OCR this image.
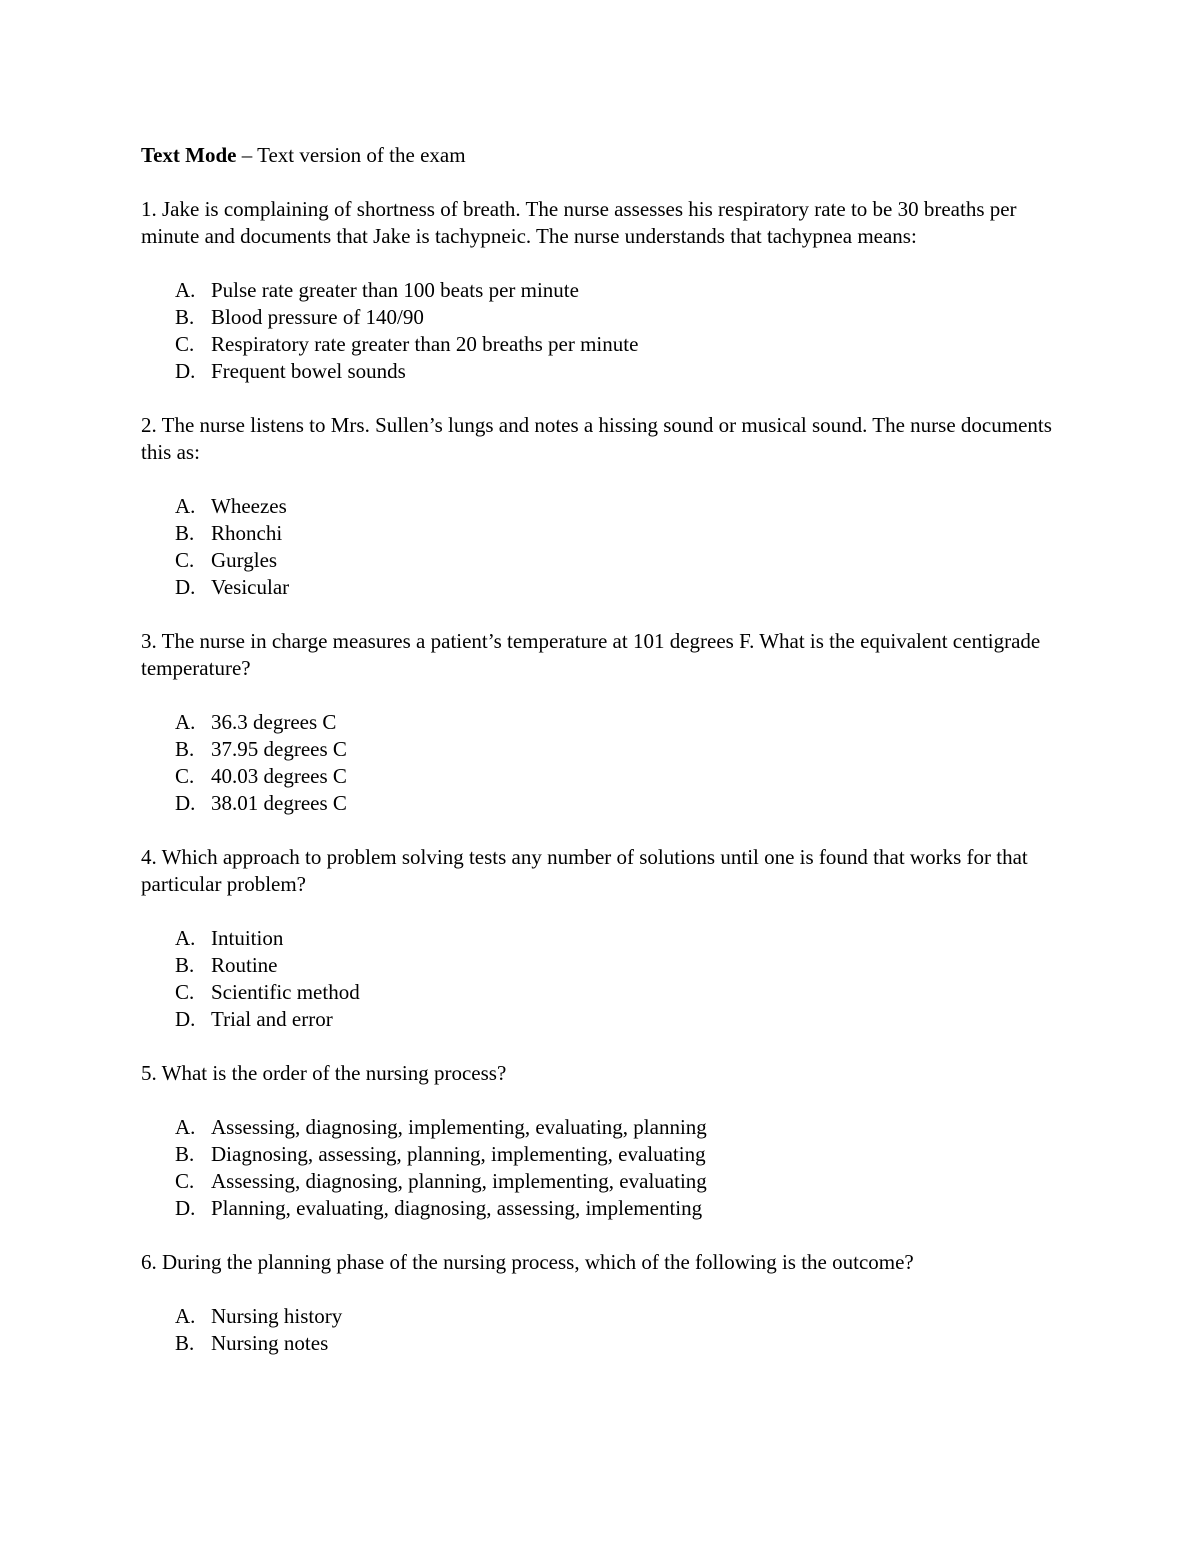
Text Mode – Text version of the exam

1. Jake is complaining of shortness of breath. The nurse assesses his respiratory rate to be 30 breaths per minute and documents that Jake is tachypneic. The nurse understands that tachypnea means:

A. Pulse rate greater than 100 beats per minute
B. Blood pressure of 140/90
C. Respiratory rate greater than 20 breaths per minute
D. Frequent bowel sounds

2. The nurse listens to Mrs. Sullen’s lungs and notes a hissing sound or musical sound. The nurse documents this as:

A. Wheezes
B. Rhonchi
C. Gurgles
D. Vesicular

3. The nurse in charge measures a patient’s temperature at 101 degrees F. What is the equivalent centigrade temperature?

A. 36.3 degrees C
B. 37.95 degrees C
C. 40.03 degrees C
D. 38.01 degrees C

4. Which approach to problem solving tests any number of solutions until one is found that works for that particular problem?

A. Intuition
B. Routine
C. Scientific method
D. Trial and error

5. What is the order of the nursing process?

A. Assessing, diagnosing, implementing, evaluating, planning
B. Diagnosing, assessing, planning, implementing, evaluating
C. Assessing, diagnosing, planning, implementing, evaluating
D. Planning, evaluating, diagnosing, assessing, implementing

6. During the planning phase of the nursing process, which of the following is the outcome?

A. Nursing history
B. Nursing notes
